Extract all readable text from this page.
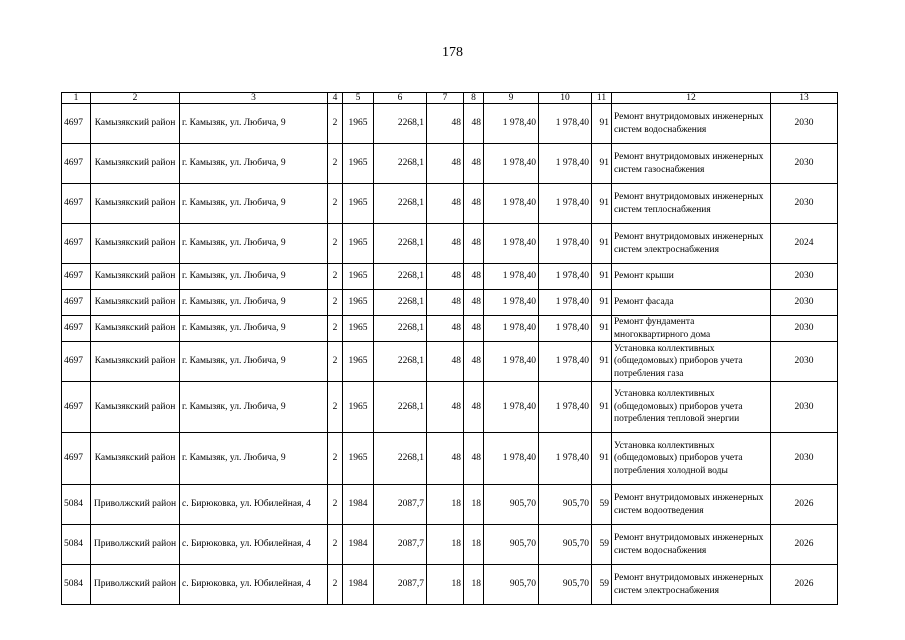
178
1	2	3	4	5	6	7	8	9	10	11	12	13
4697	Камызякский район	г. Камызяк, ул. Любича, 9	2	1965	2268,1	48	48	1 978,40	1 978,40	91	Ремонт внутридомовых инженерных систем водоснабжения	2030
4697	Камызякский район	г. Камызяк, ул. Любича, 9	2	1965	2268,1	48	48	1 978,40	1 978,40	91	Ремонт внутридомовых инженерных систем газоснабжения	2030
4697	Камызякский район	г. Камызяк, ул. Любича, 9	2	1965	2268,1	48	48	1 978,40	1 978,40	91	Ремонт внутридомовых инженерных систем теплоснабжения	2030
4697	Камызякский район	г. Камызяк, ул. Любича, 9	2	1965	2268,1	48	48	1 978,40	1 978,40	91	Ремонт внутридомовых инженерных систем электроснабжения	2024
4697	Камызякский район	г. Камызяк, ул. Любича, 9	2	1965	2268,1	48	48	1 978,40	1 978,40	91	Ремонт крыши	2030
4697	Камызякский район	г. Камызяк, ул. Любича, 9	2	1965	2268,1	48	48	1 978,40	1 978,40	91	Ремонт фасада	2030
4697	Камызякский район	г. Камызяк, ул. Любича, 9	2	1965	2268,1	48	48	1 978,40	1 978,40	91	Ремонт фундамента многоквартирного дома	2030
4697	Камызякский район	г. Камызяк, ул. Любича, 9	2	1965	2268,1	48	48	1 978,40	1 978,40	91	Установка коллективных (общедомовых) приборов учета потребления газа	2030
4697	Камызякский район	г. Камызяк, ул. Любича, 9	2	1965	2268,1	48	48	1 978,40	1 978,40	91	Установка коллективных (общедомовых) приборов учета потребления тепловой энергии	2030
4697	Камызякский район	г. Камызяк, ул. Любича, 9	2	1965	2268,1	48	48	1 978,40	1 978,40	91	Установка коллективных (общедомовых) приборов учета потребления холодной воды	2030
5084	Приволжский район	с. Бирюковка, ул. Юбилейная, 4	2	1984	2087,7	18	18	905,70	905,70	59	Ремонт внутридомовых инженерных систем водоотведения	2026
5084	Приволжский район	с. Бирюковка, ул. Юбилейная, 4	2	1984	2087,7	18	18	905,70	905,70	59	Ремонт внутридомовых инженерных систем водоснабжения	2026
5084	Приволжский район	с. Бирюковка, ул. Юбилейная, 4	2	1984	2087,7	18	18	905,70	905,70	59	Ремонт внутридомовых инженерных систем электроснабжения	2026
